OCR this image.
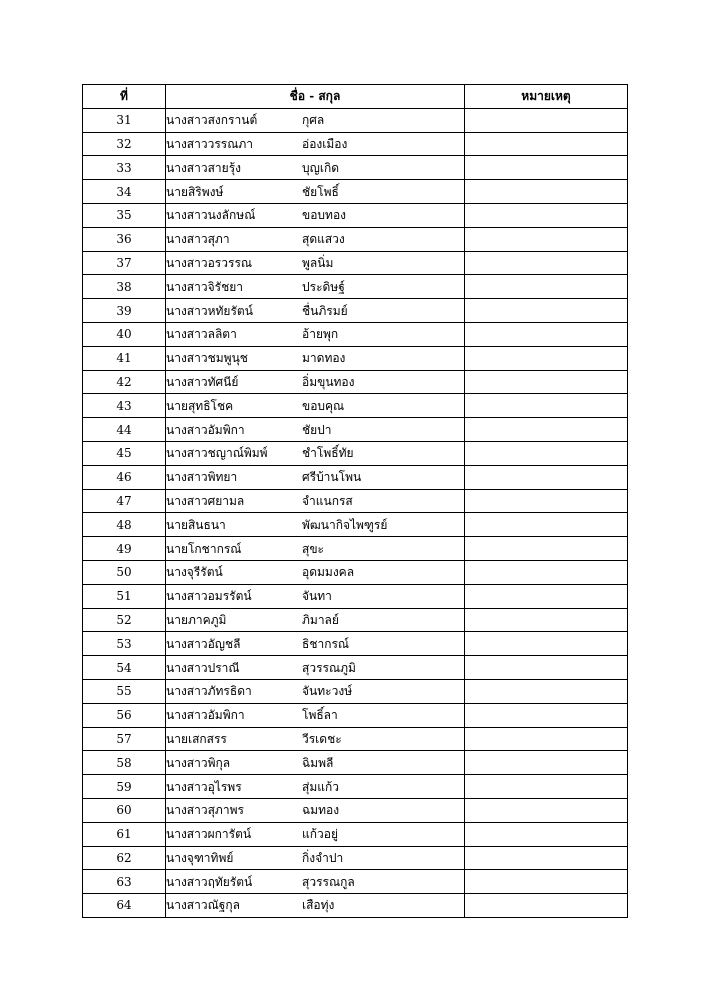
ที่	ชื่อ - สกุล	หมายเหตุ
31	นางสาวสงกรานต์ กุศล	
32	นางสาววรรณภา อ่องเมือง	
33	นางสาวสายรุ้ง บุญเกิด	
34	นายสิริพงษ์ ชัยโพธิ์	
35	นางสาวนงลักษณ์ ขอบทอง	
36	นางสาวสุภา สุดแสวง	
37	นางสาวอรวรรณ พูลนิ่ม	
38	นางสาวจิรัชยา ประดิษฐ์	
39	นางสาวหทัยรัตน์ ชื่นภิรมย์	
40	นางสาวลลิตา อ้ายพุก	
41	นางสาวชมพูนุช มาดทอง	
42	นางสาวทัศนีย์ อิ่มขุนทอง	
43	นายสุทธิโชค ขอบคุณ	
44	นางสาวอัมพิกา ชัยปา	
45	นางสาวชญาณ์พิมพ์ ชำโพธิ์ทัย	
46	นางสาวพิทยา ศรีบ้านโพน	
47	นางสาวศยามล จำแนกรส	
48	นายสินธนา พัฒนากิจไพฑูรย์	
49	นายโกชากรณ์ สุขะ	
50	นางจุรีรัตน์ อุดมมงคล	
51	นางสาวอมรรัตน์ จันทา	
52	นายภาคภูมิ ภิมาลย์	
53	นางสาวอัญชลี ธิชากรณ์	
54	นางสาวปราณี สุวรรณภูมิ	
55	นางสาวภัทรธิดา จันทะวงษ์	
56	นางสาวอัมพิกา โพธิ์ลา	
57	นายเสกสรร วีรเดชะ	
58	นางสาวพิกุล ฉิมพลี	
59	นางสาวอุไรพร สุ่มแก้ว	
60	นางสาวสุภาพร ฉมทอง	
61	นางสาวผการัตน์ แก้วอยู่	
62	นางจุฑาทิพย์ กิ่งจำปา	
63	นางสาวฤทัยรัตน์ สุวรรณกูล	
64	นางสาวณัฐกุล เสือทุ่ง	
